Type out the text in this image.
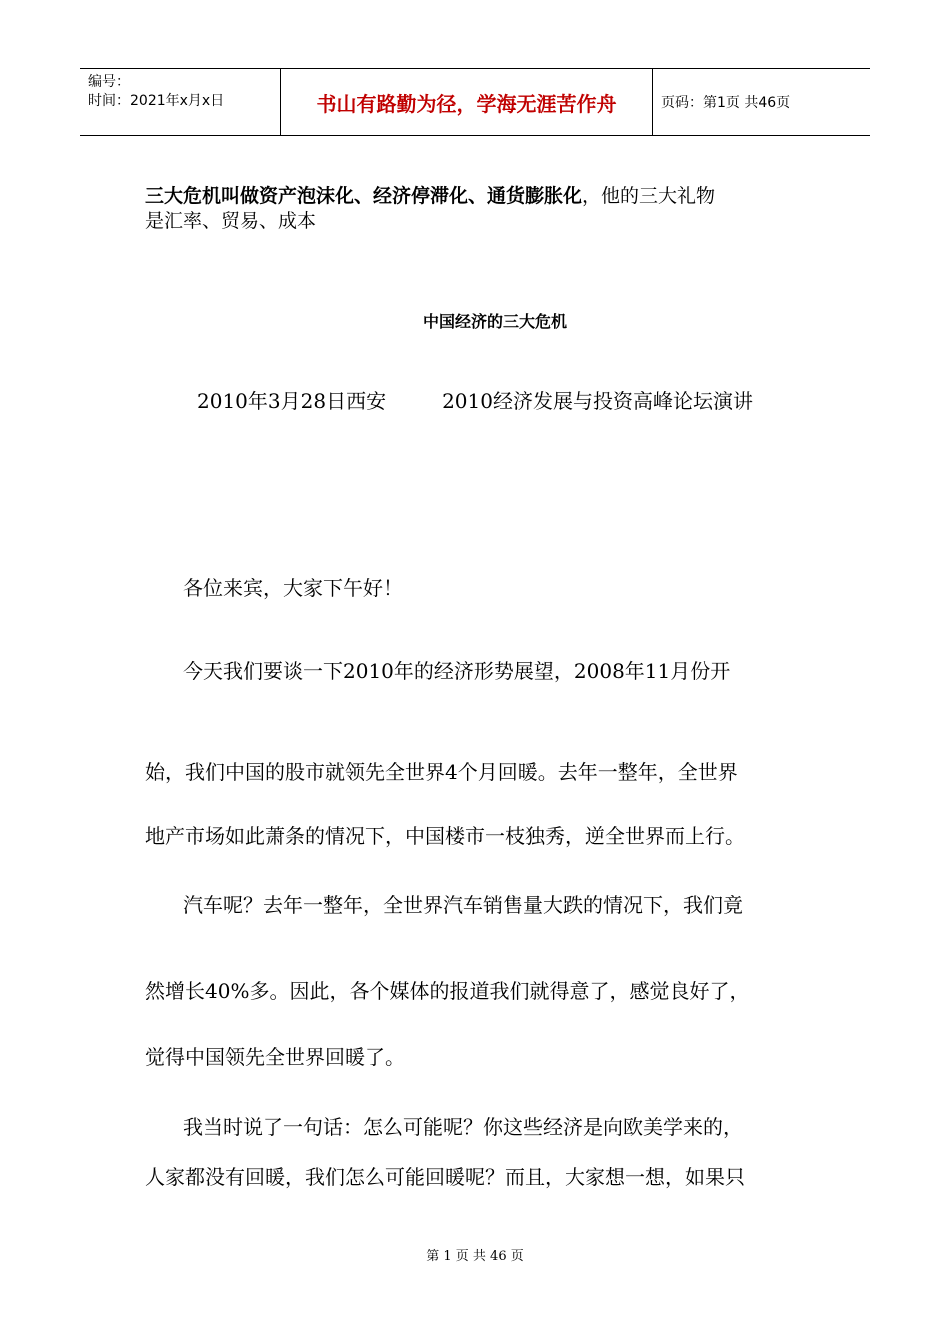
编号：
时间：2021年x月x日	书山有路勤为径，学海无涯苦作舟	页码：第1页 共46页
三大危机叫做资产泡沫化、经济停滞化、通货膨胀化，他的三大礼物
是汇率、贸易、成本
中国经济的三大危机
2010年3月28日西安	2010经济发展与投资高峰论坛演讲
各位来宾，大家下午好！
今天我们要谈一下2010年的经济形势展望，2008年11月份开
始，我们中国的股市就领先全世界4个月回暖。去年一整年，全世界
地产市场如此萧条的情况下，中国楼市一枝独秀，逆全世界而上行。
汽车呢？去年一整年，全世界汽车销售量大跌的情况下，我们竟
然增长40%多。因此，各个媒体的报道我们就得意了，感觉良好了，
觉得中国领先全世界回暖了。
我当时说了一句话：怎么可能呢？你这些经济是向欧美学来的，
人家都没有回暖，我们怎么可能回暖呢？而且，大家想一想，如果只
第 1 页 共 46 页
